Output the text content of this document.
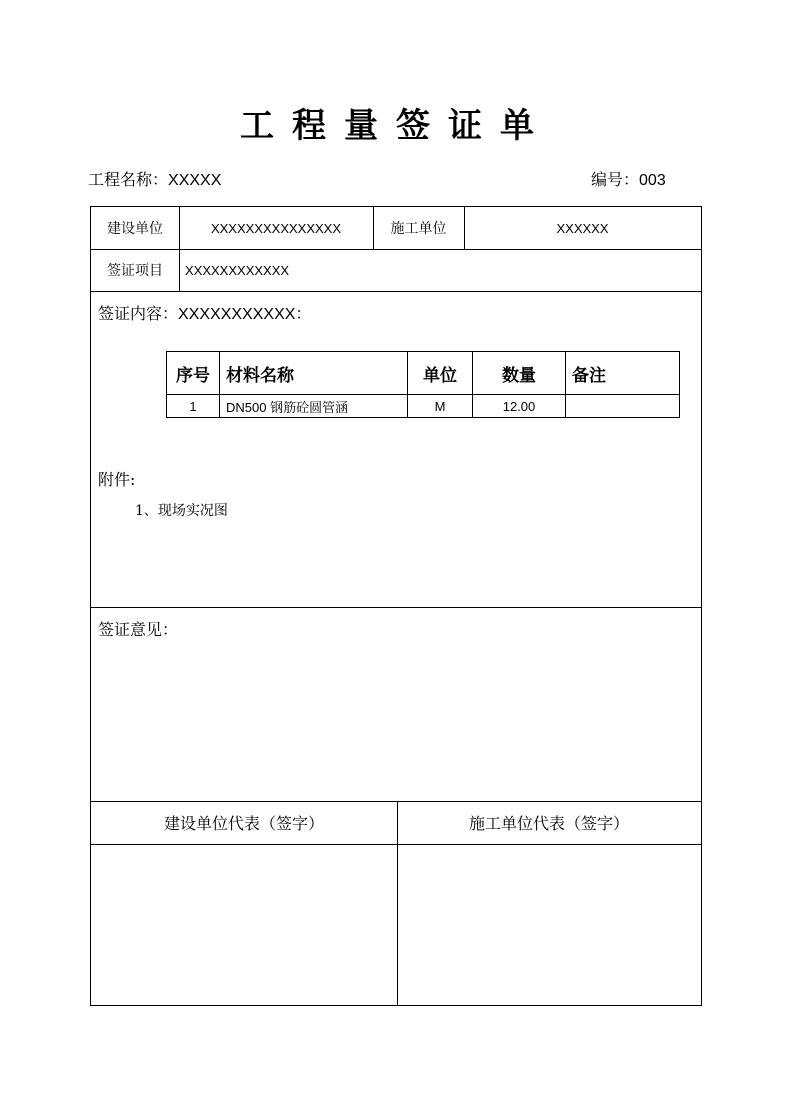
工程量签证单
工程名称：XXXXX	编号：003
建设单位	XXXXXXXXXXXXXXX	施工单位	XXXXXX
签证项目	XXXXXXXXXXXX
签证内容：XXXXXXXXXXX：
序号	材料名称	单位	数量	备注
1	DN500 钢筋砼圆管涵	M	12.00	
附件:
1、现场实况图
签证意见：
建设单位代表（签字）	施工单位代表（签字）
